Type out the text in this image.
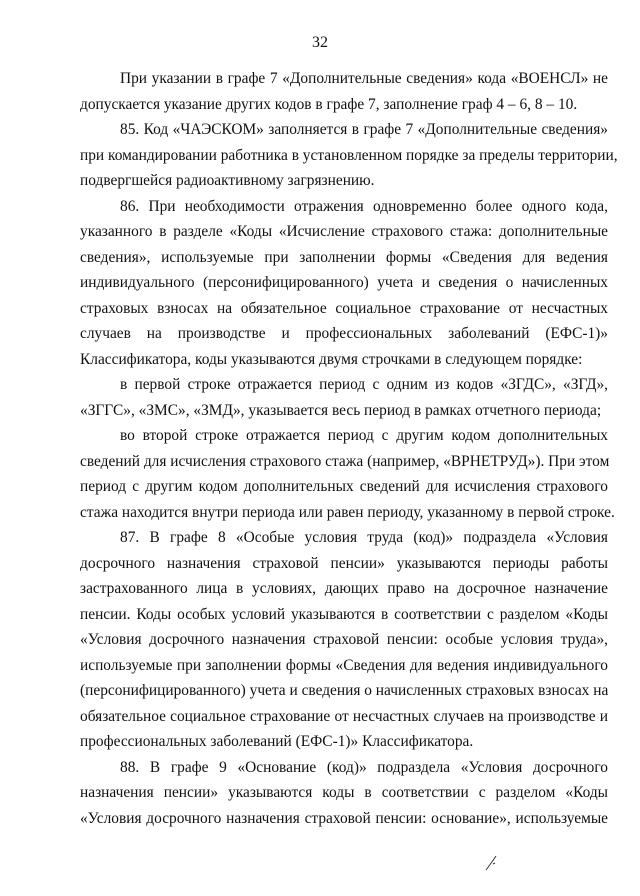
32
При указании в графе 7 «Дополнительные сведения» кода «ВОЕНСЛ» не
допускается указание других кодов в графе 7, заполнение граф 4 – 6, 8 – 10.
85. Код «ЧАЭСКОМ» заполняется в графе 7 «Дополнительные сведения»
при командировании работника в установленном порядке за пределы территории,
подвергшейся радиоактивному загрязнению.
86. При необходимости отражения одновременно более одного кода,
указанного в разделе «Коды «Исчисление страхового стажа: дополнительные
сведения», используемые при заполнении формы «Сведения для ведения
индивидуального (персонифицированного) учета и сведения о начисленных
страховых взносах на обязательное социальное страхование от несчастных
случаев на производстве и профессиональных заболеваний (ЕФС-1)»
Классификатора, коды указываются двумя строчками в следующем порядке:
в первой строке отражается период с одним из кодов «ЗГДС», «ЗГД»,
«ЗГГС», «ЗМС», «ЗМД», указывается весь период в рамках отчетного периода;
во второй строке отражается период с другим кодом дополнительных
сведений для исчисления страхового стажа (например, «ВРНЕТРУД»). При этом
период с другим кодом дополнительных сведений для исчисления страхового
стажа находится внутри периода или равен периоду, указанному в первой строке.
87. В графе 8 «Особые условия труда (код)» подраздела «Условия
досрочного назначения страховой пенсии» указываются периоды работы
застрахованного лица в условиях, дающих право на досрочное назначение
пенсии. Коды особых условий указываются в соответствии с разделом «Коды
«Условия досрочного назначения страховой пенсии: особые условия труда»,
используемые при заполнении формы «Сведения для ведения индивидуального
(персонифицированного) учета и сведения о начисленных страховых взносах на
обязательное социальное страхование от несчастных случаев на производстве и
профессиональных заболеваний (ЕФС-1)» Классификатора.
88. В графе 9 «Основание (код)» подраздела «Условия досрочного
назначения пенсии» указываются коды в соответствии с разделом «Коды
«Условия досрочного назначения страховой пенсии: основание», используемые
